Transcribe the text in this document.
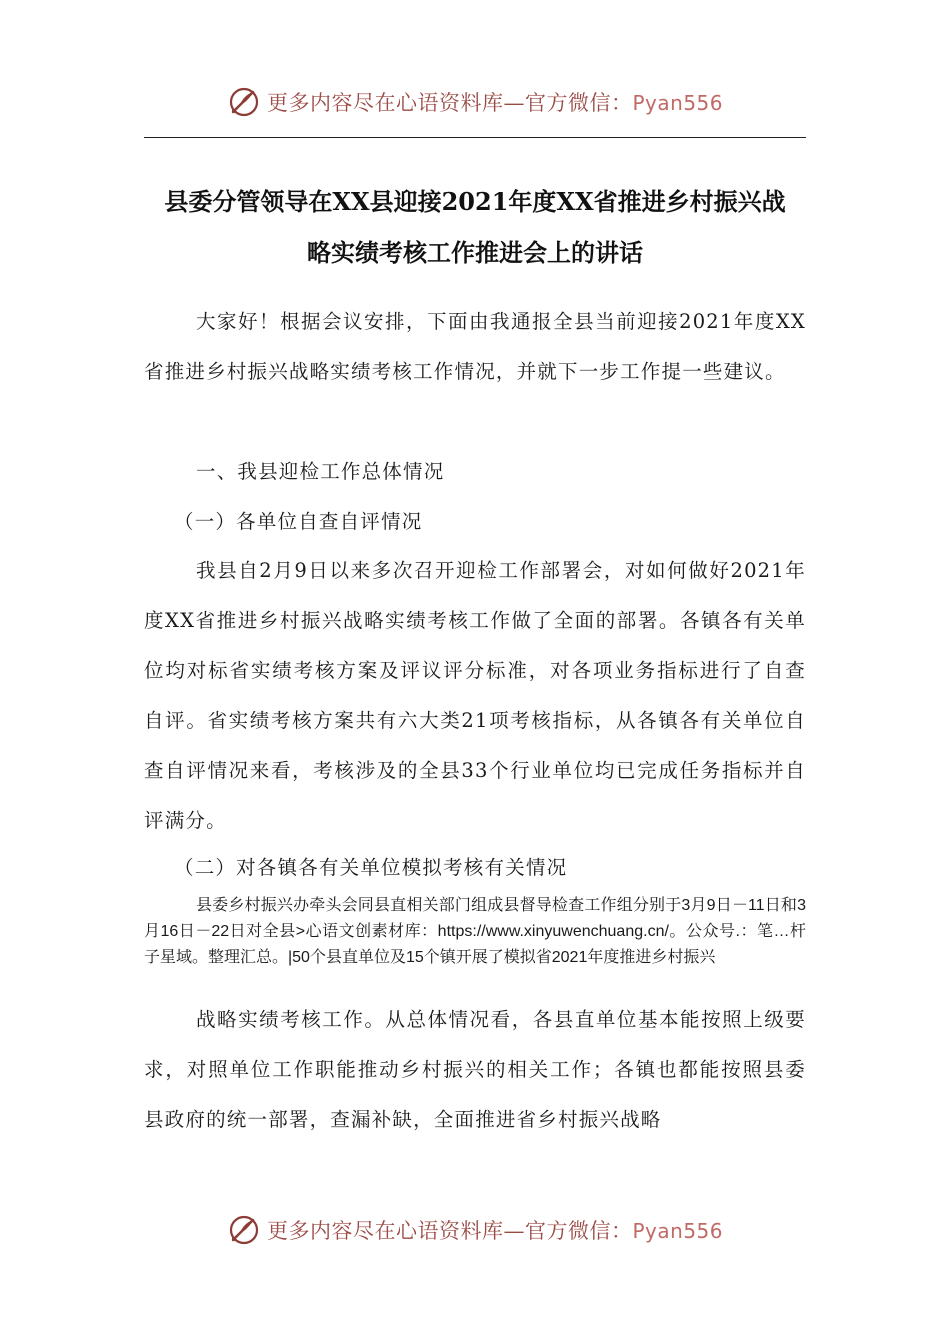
更多内容尽在心语资料库—官方微信：Pyan556
县委分管领导在XX县迎接2021年度XX省推进乡村振兴战
略实绩考核工作推进会上的讲话

大家好！根据会议安排，下面由我通报全县当前迎接2021年度XX省推进乡村振兴战略实绩考核工作情况，并就下一步工作提一些建议。

一、我县迎检工作总体情况

（一）各单位自查自评情况

我县自2月9日以来多次召开迎检工作部署会，对如何做好2021年度XX省推进乡村振兴战略实绩考核工作做了全面的部署。各镇各有关单位均对标省实绩考核方案及评议评分标准，对各项业务指标进行了自查自评。省实绩考核方案共有六大类21项考核指标，从各镇各有关单位自查自评情况来看，考核涉及的全县33个行业单位均已完成任务指标并自评满分。

（二）对各镇各有关单位模拟考核有关情况

县委乡村振兴办牵头会同县直相关部门组成县督导检查工作组分别于3月9日－11日和3月16日－22日对全县>心语文创素材库：https://www.xinyuwenchuang.cn/。公众号.：笔…杆子星域。整理汇总。|50个县直单位及15个镇开展了模拟省2021年度推进乡村振兴

战略实绩考核工作。从总体情况看，各县直单位基本能按照上级要求，对照单位工作职能推动乡村振兴的相关工作；各镇也都能按照县委县政府的统一部署，查漏补缺，全面推进省乡村振兴战略

更多内容尽在心语资料库—官方微信：Pyan556
